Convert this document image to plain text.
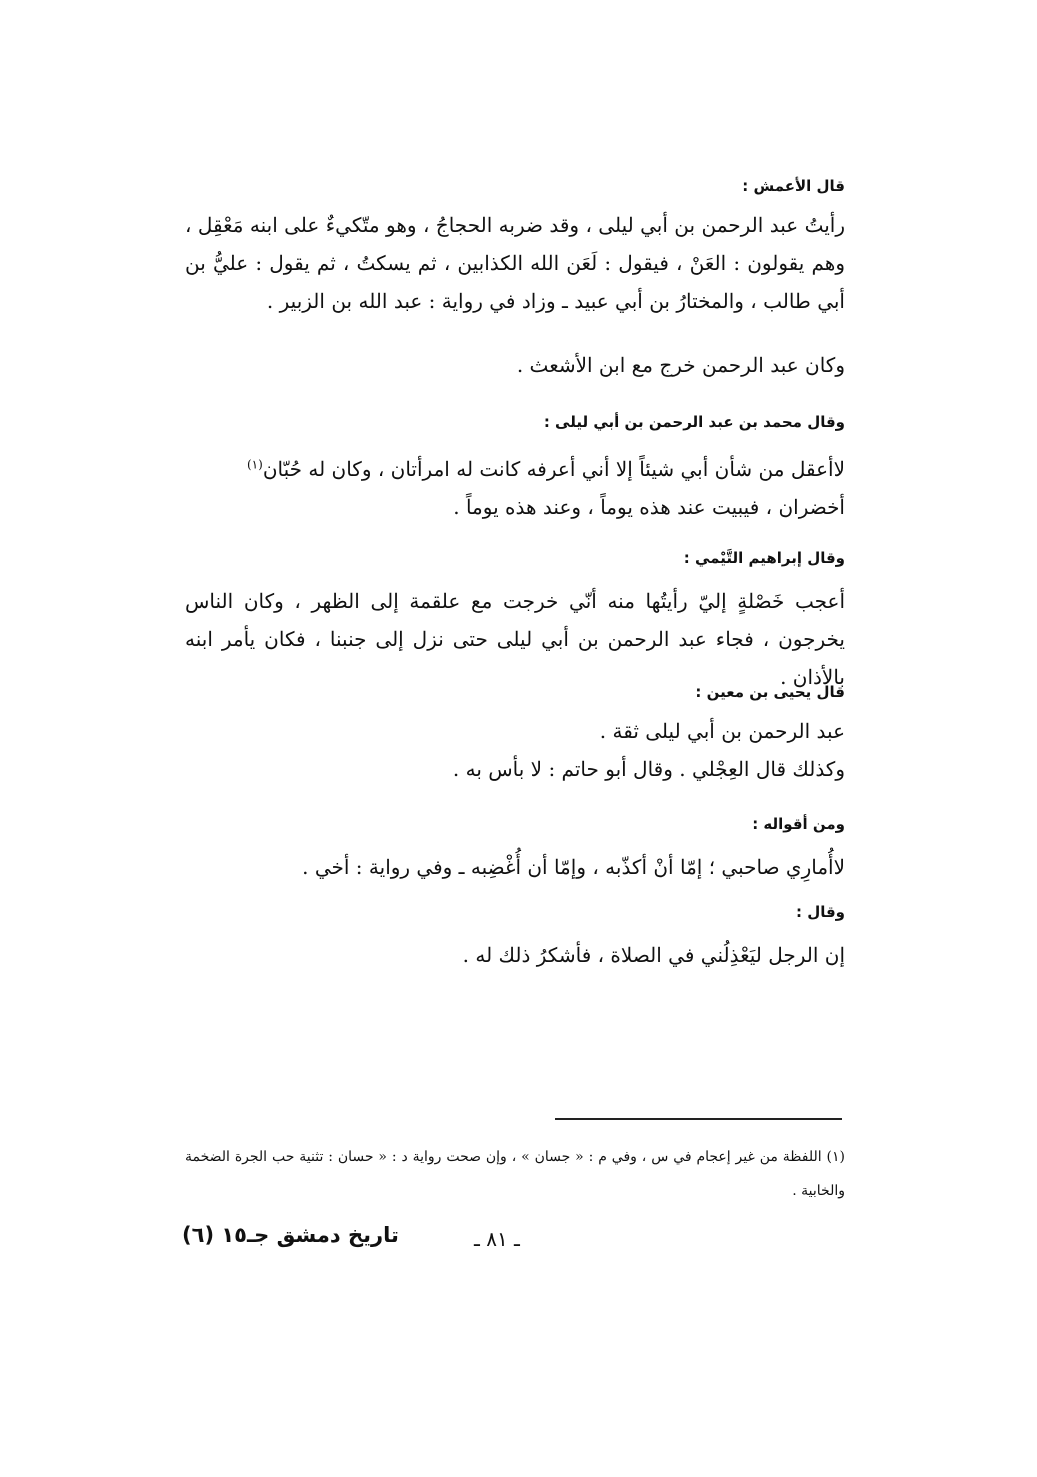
قال الأعمش :
رأيتُ عبد الرحمن بن أبي ليلى ، وقد ضربه الحجاجُ ، وهو متّكيءٌ على ابنه مَعْقِل ، وهم يقولون : العَنْ ، فيقول : لَعَن الله الكذابين ، ثم يسكتُ ، ثم يقول : عليُّ بن أبي طالب ، والمختارُ بن أبي عبيد ـ وزاد في رواية : عبد الله بن الزبير .
وكان عبد الرحمن خرج مع ابن الأشعث .
وقال محمد بن عبد الرحمن بن أبي ليلى :
لاأعقل من شأن أبي شيئاً إلا أني أعرفه كانت له امرأتان ، وكان له حُبّان$^{(١)}$
أخضران ، فيبيت عند هذه يوماً ، وعند هذه يوماً .
وقال إبراهيم التَّيْمي :
أعجب خَصْلةٍ إليّ رأيتُها منه أنّي خرجت مع علقمة إلى الظهر ، وكان الناس يخرجون ، فجاء عبد الرحمن بن أبي ليلى حتى نزل إلى جنبنا ، فكان يأمر ابنه بالأذان .
قال يحيى بن معين :
عبد الرحمن بن أبي ليلى ثقة .
وكذلك قال العِجْلي . وقال أبو حاتم : لا بأس به .
ومن أقواله :
لاأُمارِي صاحبي ؛ إمّا أنْ أكذّبه ، وإمّا أن أُغْضِبه ـ وفي رواية : أخي .
وقال :
إن الرجل ليَعْذِلُني في الصلاة ، فأشكرُ ذلك له .
(١) اللفظة من غير إعجام في س ، وفي م : « جسان » ، وإن صحت رواية د : « حسان : تثنية حب الجرة الضخمة والخابية .
تاريخ دمشق جـ١٥ (٦)	ـ ٨١ ـ
